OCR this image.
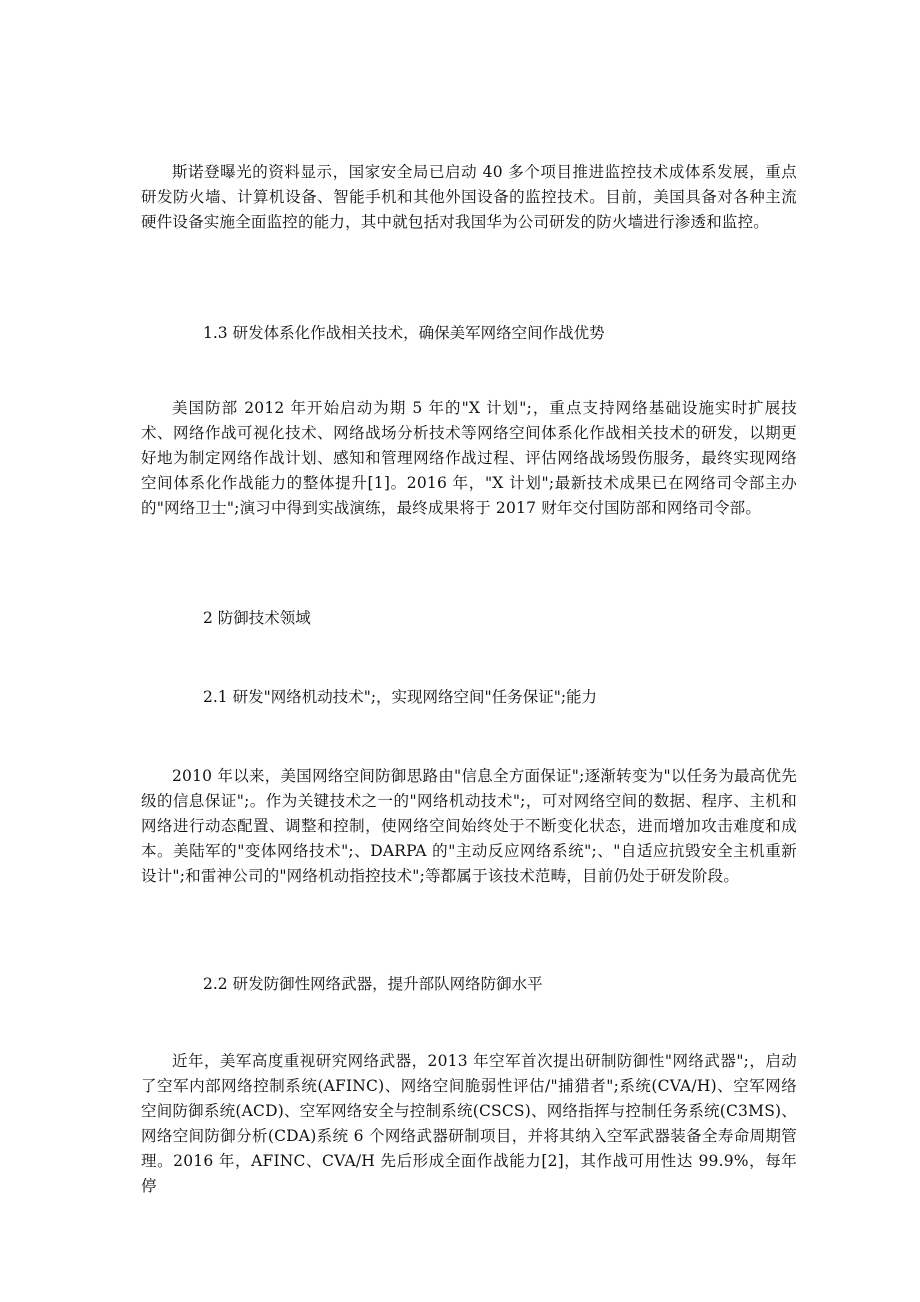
斯诺登曝光的资料显示，国家安全局已启动 40 多个项目推进监控技术成体系发展，重点研发防火墙、计算机设备、智能手机和其他外国设备的监控技术。目前，美国具备对各种主流硬件设备实施全面监控的能力，其中就包括对我国华为公司研发的防火墙进行渗透和监控。

1.3 研发体系化作战相关技术，确保美军网络空间作战优势

美国防部 2012 年开始启动为期 5 年的"X 计划";，重点支持网络基础设施实时扩展技术、网络作战可视化技术、网络战场分析技术等网络空间体系化作战相关技术的研发，以期更好地为制定网络作战计划、感知和管理网络作战过程、评估网络战场毁伤服务，最终实现网络空间体系化作战能力的整体提升[1]。2016 年，"X 计划";最新技术成果已在网络司令部主办的"网络卫士";演习中得到实战演练，最终成果将于 2017 财年交付国防部和网络司令部。

2 防御技术领域

2.1 研发"网络机动技术";，实现网络空间"任务保证";能力

2010 年以来，美国网络空间防御思路由"信息全方面保证";逐渐转变为"以任务为最高优先级的信息保证";。作为关键技术之一的"网络机动技术";，可对网络空间的数据、程序、主机和网络进行动态配置、调整和控制，使网络空间始终处于不断变化状态，进而增加攻击难度和成本。美陆军的"变体网络技术";、DARPA 的"主动反应网络系统";、"自适应抗毁安全主机重新设计";和雷神公司的"网络机动指控技术";等都属于该技术范畴，目前仍处于研发阶段。

2.2 研发防御性网络武器，提升部队网络防御水平

近年，美军高度重视研究网络武器，2013 年空军首次提出研制防御性"网络武器";，启动了空军内部网络控制系统(AFINC)、网络空间脆弱性评估/"捕猎者";系统(CVA/H)、空军网络空间防御系统(ACD)、空军网络安全与控制系统(CSCS)、网络指挥与控制任务系统(C3MS)、网络空间防御分析(CDA)系统 6 个网络武器研制项目，并将其纳入空军武器装备全寿命周期管理。2016 年，AFINC、CVA/H 先后形成全面作战能力[2]，其作战可用性达 99.9%，每年停
